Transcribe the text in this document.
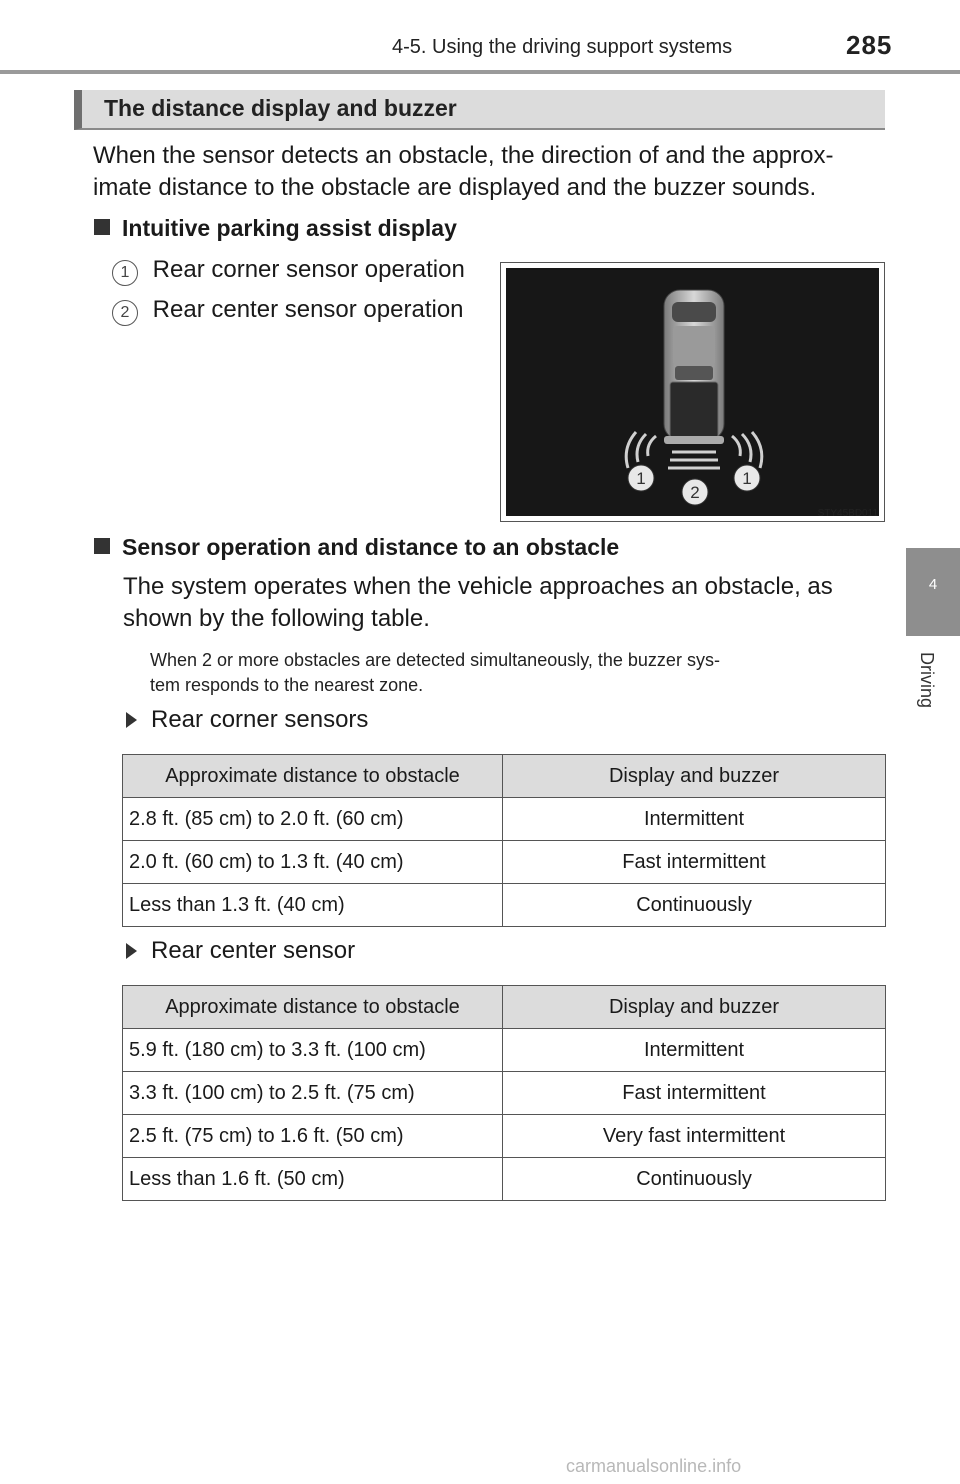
4-5. Using the driving support systems	285
4
Driving
The distance display and buzzer
When the sensor detects an obstacle, the direction of and the approx-
imate distance to the obstacle are displayed and the buzzer sounds.
Intuitive parking assist display
1 Rear corner sensor operation
2 Rear center sensor operation
1
2
1
STY45BD011
Sensor operation and distance to an obstacle
The system operates when the vehicle approaches an obstacle, as
shown by the following table.
When 2 or more obstacles are detected simultaneously, the buzzer sys-
tem responds to the nearest zone.
Rear corner sensors
Approximate distance to obstacle	Display and buzzer
2.8 ft. (85 cm) to 2.0 ft. (60 cm)	Intermittent
2.0 ft. (60 cm) to 1.3 ft. (40 cm)	Fast intermittent
Less than 1.3 ft. (40 cm)	Continuously
Rear center sensor
Approximate distance to obstacle	Display and buzzer
5.9 ft. (180 cm) to 3.3 ft. (100 cm)	Intermittent
3.3 ft. (100 cm) to 2.5 ft. (75 cm)	Fast intermittent
2.5 ft. (75 cm) to 1.6 ft. (50 cm)	Very fast intermittent
Less than 1.6 ft. (50 cm)	Continuously
carmanualsonline.info
